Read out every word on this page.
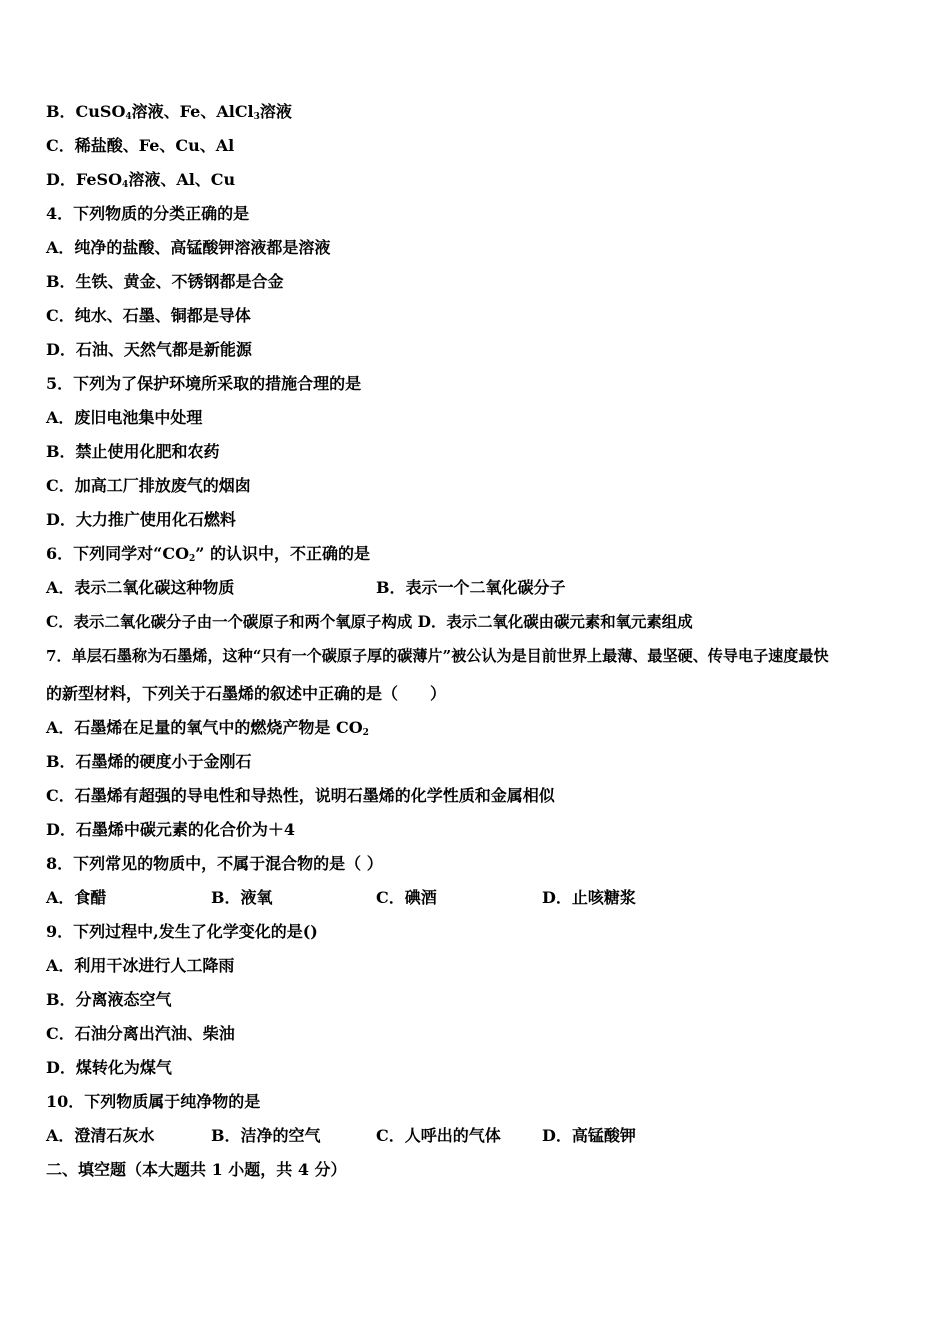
B．CuSO$_4$溶液、Fe、AlCl$_3$溶液
C．稀盐酸、Fe、Cu、Al
D．FeSO$_4$溶液、Al、Cu
4．下列物质的分类正确的是
A．纯净的盐酸、高锰酸钾溶液都是溶液
B．生铁、黄金、不锈钢都是合金
C．纯水、石墨、铜都是导体
D．石油、天然气都是新能源
5．下列为了保护环境所采取的措施合理的是
A．废旧电池集中处理
B．禁止使用化肥和农药
C．加高工厂排放废气的烟囱
D．大力推广使用化石燃料
6．下列同学对“$CO_2$” 的认识中，不正确的是
A．表示二氧化碳这种物质	B．表示一个二氧化碳分子
C．表示二氧化碳分子由一个碳原子和两个氧原子构成 D．表示二氧化碳由碳元素和氧元素组成
7．单层石墨称为石墨烯，这种“只有一个碳原子厚的碳薄片”被公认为是目前世界上最薄、最坚硬、传导电子速度最快
的新型材料，下列关于石墨烯的叙述中正确的是（　　）
A．石墨烯在足量的氧气中的燃烧产物是 $CO_2$
B．石墨烯的硬度小于金刚石
C．石墨烯有超强的导电性和导热性，说明石墨烯的化学性质和金属相似
D．石墨烯中碳元素的化合价为＋4
8．下列常见的物质中，不属于混合物的是（ ）
A．食醋	B．液氧	C．碘酒	D．止咳糖浆
9．下列过程中,发生了化学变化的是()
A．利用干冰进行人工降雨
B．分离液态空气
C．石油分离出汽油、柴油
D．煤转化为煤气
10．下列物质属于纯净物的是
A．澄清石灰水	B．洁净的空气	C．人呼出的气体	D．高锰酸钾
二、填空题（本大题共 1 小题，共 4 分）
